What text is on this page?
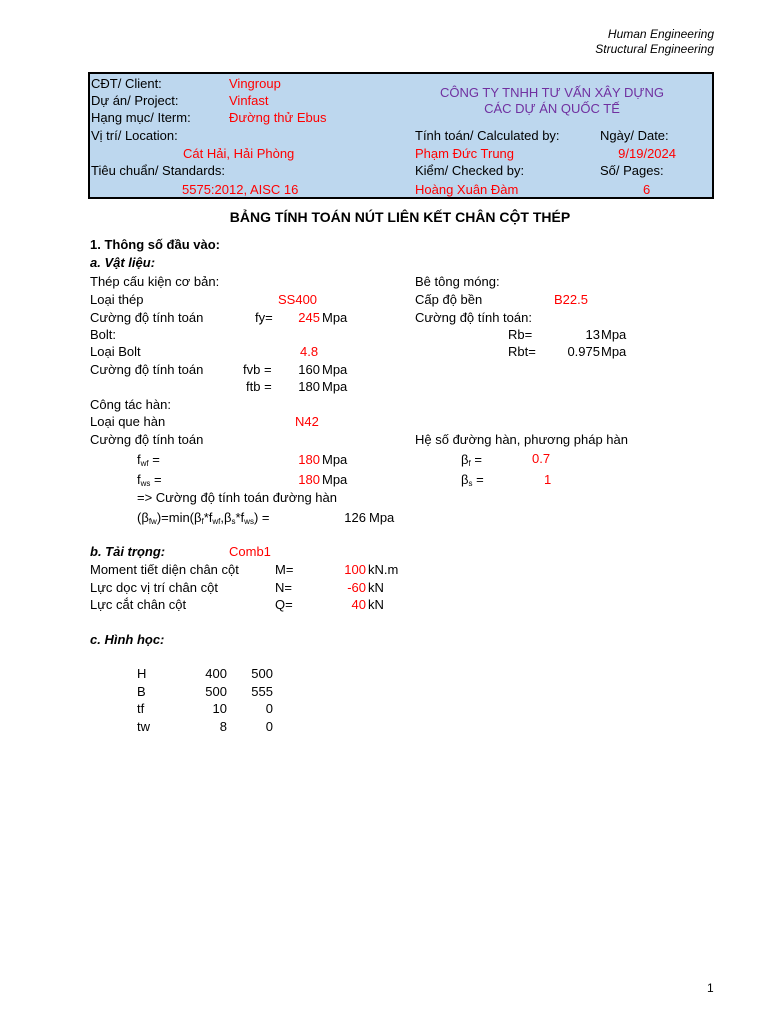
Human Engineering
Structural Engineering
CĐT/ Client:	Vingroup
Dự án/ Project:	Vinfast
Hạng mục/ Iterm:	Đường thử Ebus
Vị trí/ Location:
Cát Hải, Hải Phòng
Tiêu chuẩn/ Standards:
5575:2012, AISC 16
CÔNG TY TNHH TƯ VẤN XÂY DỰNG
CÁC DỰ ÁN QUỐC TẾ
Tính toán/ Calculated by:
Phạm Đức Trung
Kiểm/ Checked by:
Hoàng Xuân Đàm
Ngày/ Date:
9/19/2024
Số/ Pages:
6
BẢNG TÍNH TOÁN NÚT LIÊN KẾT CHÂN CỘT THÉP
1. Thông số đầu vào:
a. Vật liệu:
Thép cấu kiện cơ bản:
Loại thép	SS400
Cường độ tính toán	fy=	245 Mpa
Bolt:
Loại Bolt	4.8
Cường độ tính toán	fvb =	160 Mpa
ftb =	180 Mpa
Công tác hàn:
Loại que hàn	N42
Cường độ tính toán
$f_{wf}$ =	180 Mpa
$f_{ws}$ =	180 Mpa
=> Cường độ tính toán đường hàn
$(\beta_{fw})=\min(\beta_f*f_{wf},\beta_s*f_{ws})$ =	126 Mpa
Bê tông móng:
Cấp độ bền	B22.5
Cường độ tính toán:
Rb=	13 Mpa
Rbt=	0.975 Mpa
Hệ số đường hàn, phương pháp hàn
$\beta_f$ =	0.7
$\beta_s$ =	1
b. Tải trọng:	Comb1
Moment tiết diện chân cột	M=	100 kN.m
Lực dọc vị trí chân cột	N=	-60 kN
Lực cắt chân cột	Q=	40 kN
c. Hình học:
H	400	500
B	500	555
tf	10	0
tw	8	0
1
